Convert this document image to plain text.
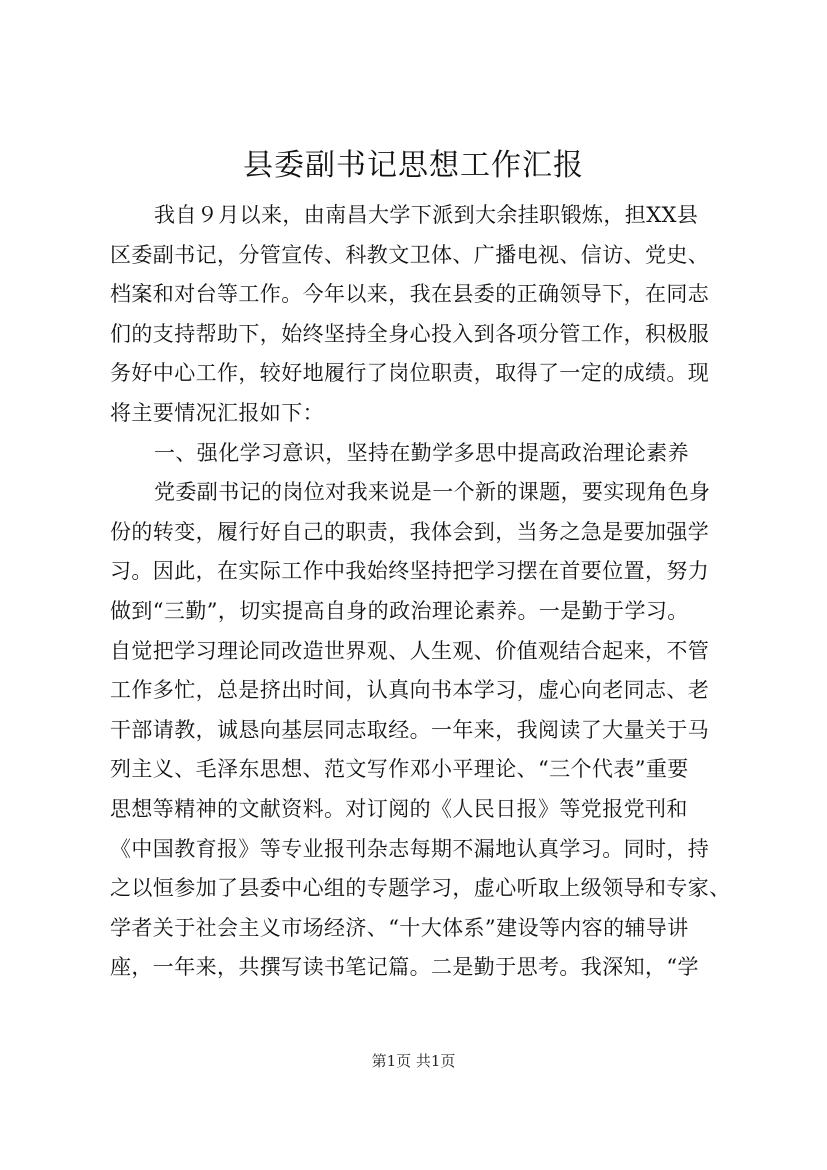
县委副书记思想工作汇报
我自９月以来，由南昌大学下派到大余挂职锻炼，担XX县
区委副书记，分管宣传、科教文卫体、广播电视、信访、党史、
档案和对台等工作。今年以来，我在县委的正确领导下，在同志
们的支持帮助下，始终坚持全身心投入到各项分管工作，积极服
务好中心工作，较好地履行了岗位职责，取得了一定的成绩。现
将主要情况汇报如下：
一、强化学习意识，坚持在勤学多思中提高政治理论素养
党委副书记的岗位对我来说是一个新的课题，要实现角色身
份的转变，履行好自己的职责，我体会到，当务之急是要加强学
习。因此，在实际工作中我始终坚持把学习摆在首要位置，努力
做到“三勤”，切实提高自身的政治理论素养。一是勤于学习。
自觉把学习理论同改造世界观、人生观、价值观结合起来，不管
工作多忙，总是挤出时间，认真向书本学习，虚心向老同志、老
干部请教，诚恳向基层同志取经。一年来，我阅读了大量关于马
列主义、毛泽东思想、范文写作邓小平理论、“三个代表”重要
思想等精神的文献资料。对订阅的《人民日报》等党报党刊和
《中国教育报》等专业报刊杂志每期不漏地认真学习。同时，持
之以恒参加了县委中心组的专题学习，虚心听取上级领导和专家、
学者关于社会主义市场经济、“十大体系”建设等内容的辅导讲
座，一年来，共撰写读书笔记篇。二是勤于思考。我深知，“学
第1页 共1页
